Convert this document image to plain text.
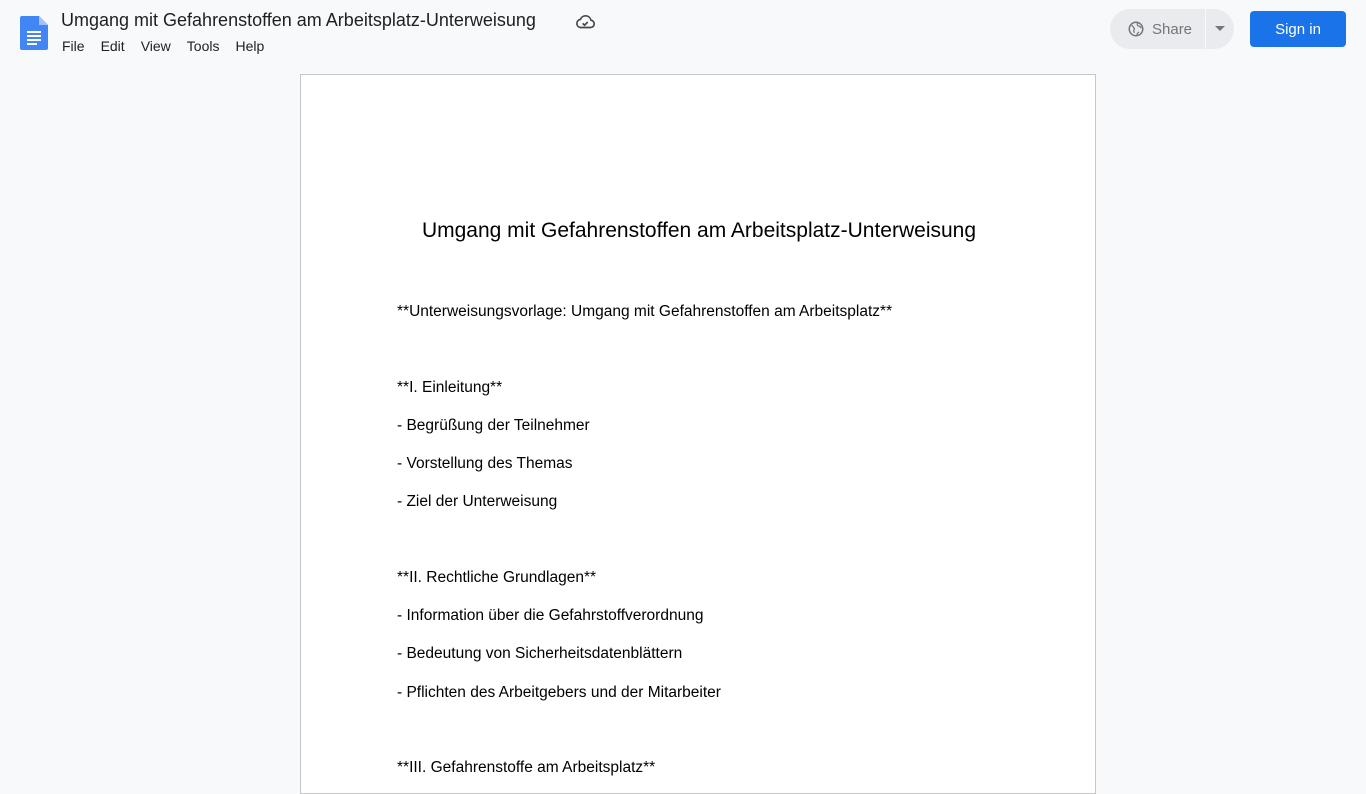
Umgang mit Gefahrenstoffen am Arbeitsplatz-Unterweisung
File	Edit	View	Tools	Help
Share	Sign in
Umgang mit Gefahrenstoffen am Arbeitsplatz-Unterweisung
**Unterweisungsvorlage: Umgang mit Gefahrenstoffen am Arbeitsplatz**
**I. Einleitung**
- Begrüßung der Teilnehmer
- Vorstellung des Themas
- Ziel der Unterweisung
**II. Rechtliche Grundlagen**
- Information über die Gefahrstoffverordnung
- Bedeutung von Sicherheitsdatenblättern
- Pflichten des Arbeitgebers und der Mitarbeiter
**III. Gefahrenstoffe am Arbeitsplatz**
